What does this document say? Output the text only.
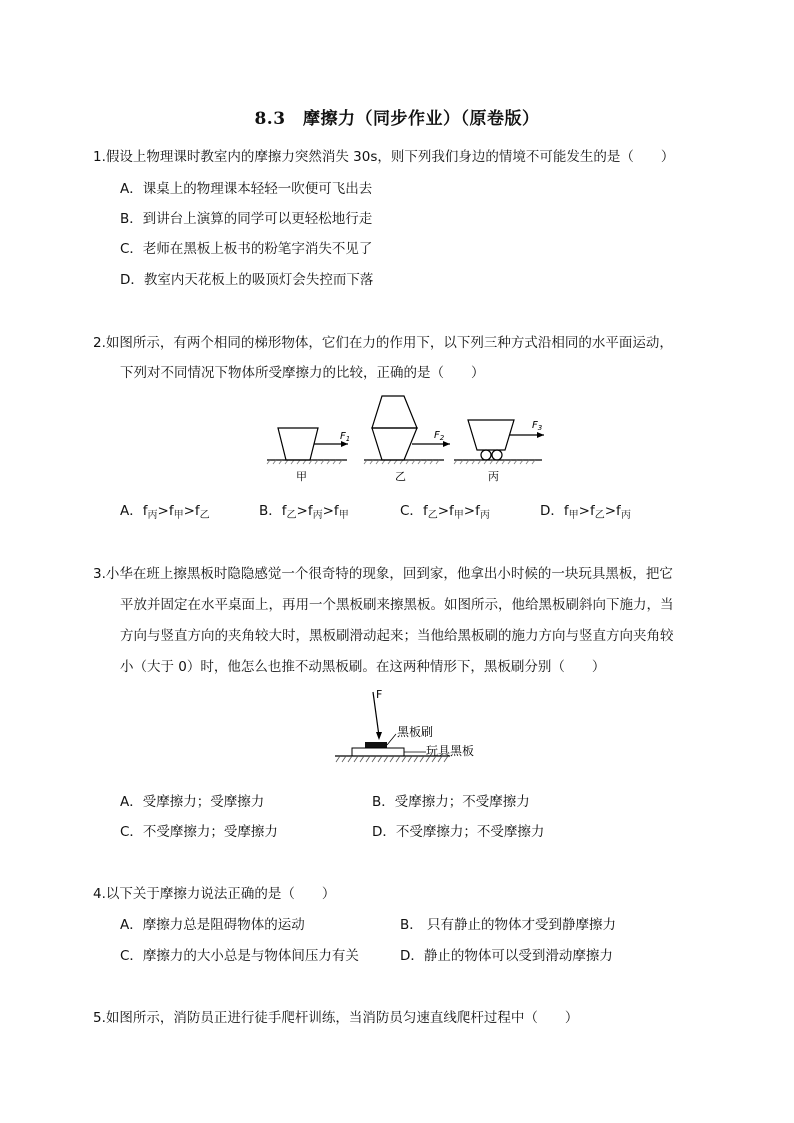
8.3　摩擦力（同步作业）（原卷版）
1.假设上物理课时教室内的摩擦力突然消失 30s，则下列我们身边的情境不可能发生的是（　　）
A．课桌上的物理课本轻轻一吹便可飞出去
B．到讲台上演算的同学可以更轻松地行走
C．老师在黑板上板书的粉笔字消失不见了
D．教室内天花板上的吸顶灯会失控而下落
2.如图所示，有两个相同的梯形物体，它们在力的作用下，以下列三种方式沿相同的水平面运动，
下列对不同情况下物体所受摩擦力的比较，正确的是（　　）
$F_1$
甲
$F_2$
乙
$F_3$
丙
A．$f_丙>f_甲>f_乙$	B．$f_乙>f_丙>f_甲$	C．$f_乙>f_甲>f_丙$	D．$f_甲>f_乙>f_丙$
3.小华在班上擦黑板时隐隐感觉一个很奇特的现象，回到家，他拿出小时候的一块玩具黑板，把它
平放并固定在水平桌面上，再用一个黑板刷来擦黑板。如图所示，他给黑板刷斜向下施力，当
方向与竖直方向的夹角较大时，黑板刷滑动起来；当他给黑板刷的施力方向与竖直方向夹角较
小（大于 0）时，他怎么也推不动黑板刷。在这两种情形下，黑板刷分别（　　）
F
黑板刷
玩具黑板
A．受摩擦力；受摩擦力	B．受摩擦力；不受摩擦力
C．不受摩擦力；受摩擦力	D．不受摩擦力；不受摩擦力
4.以下关于摩擦力说法正确的是（　　）
A．摩擦力总是阻碍物体的运动	B． 只有静止的物体才受到静摩擦力
C．摩擦力的大小总是与物体间压力有关	D．静止的物体可以受到滑动摩擦力
5.如图所示，消防员正进行徒手爬杆训练，当消防员匀速直线爬杆过程中（　　）
